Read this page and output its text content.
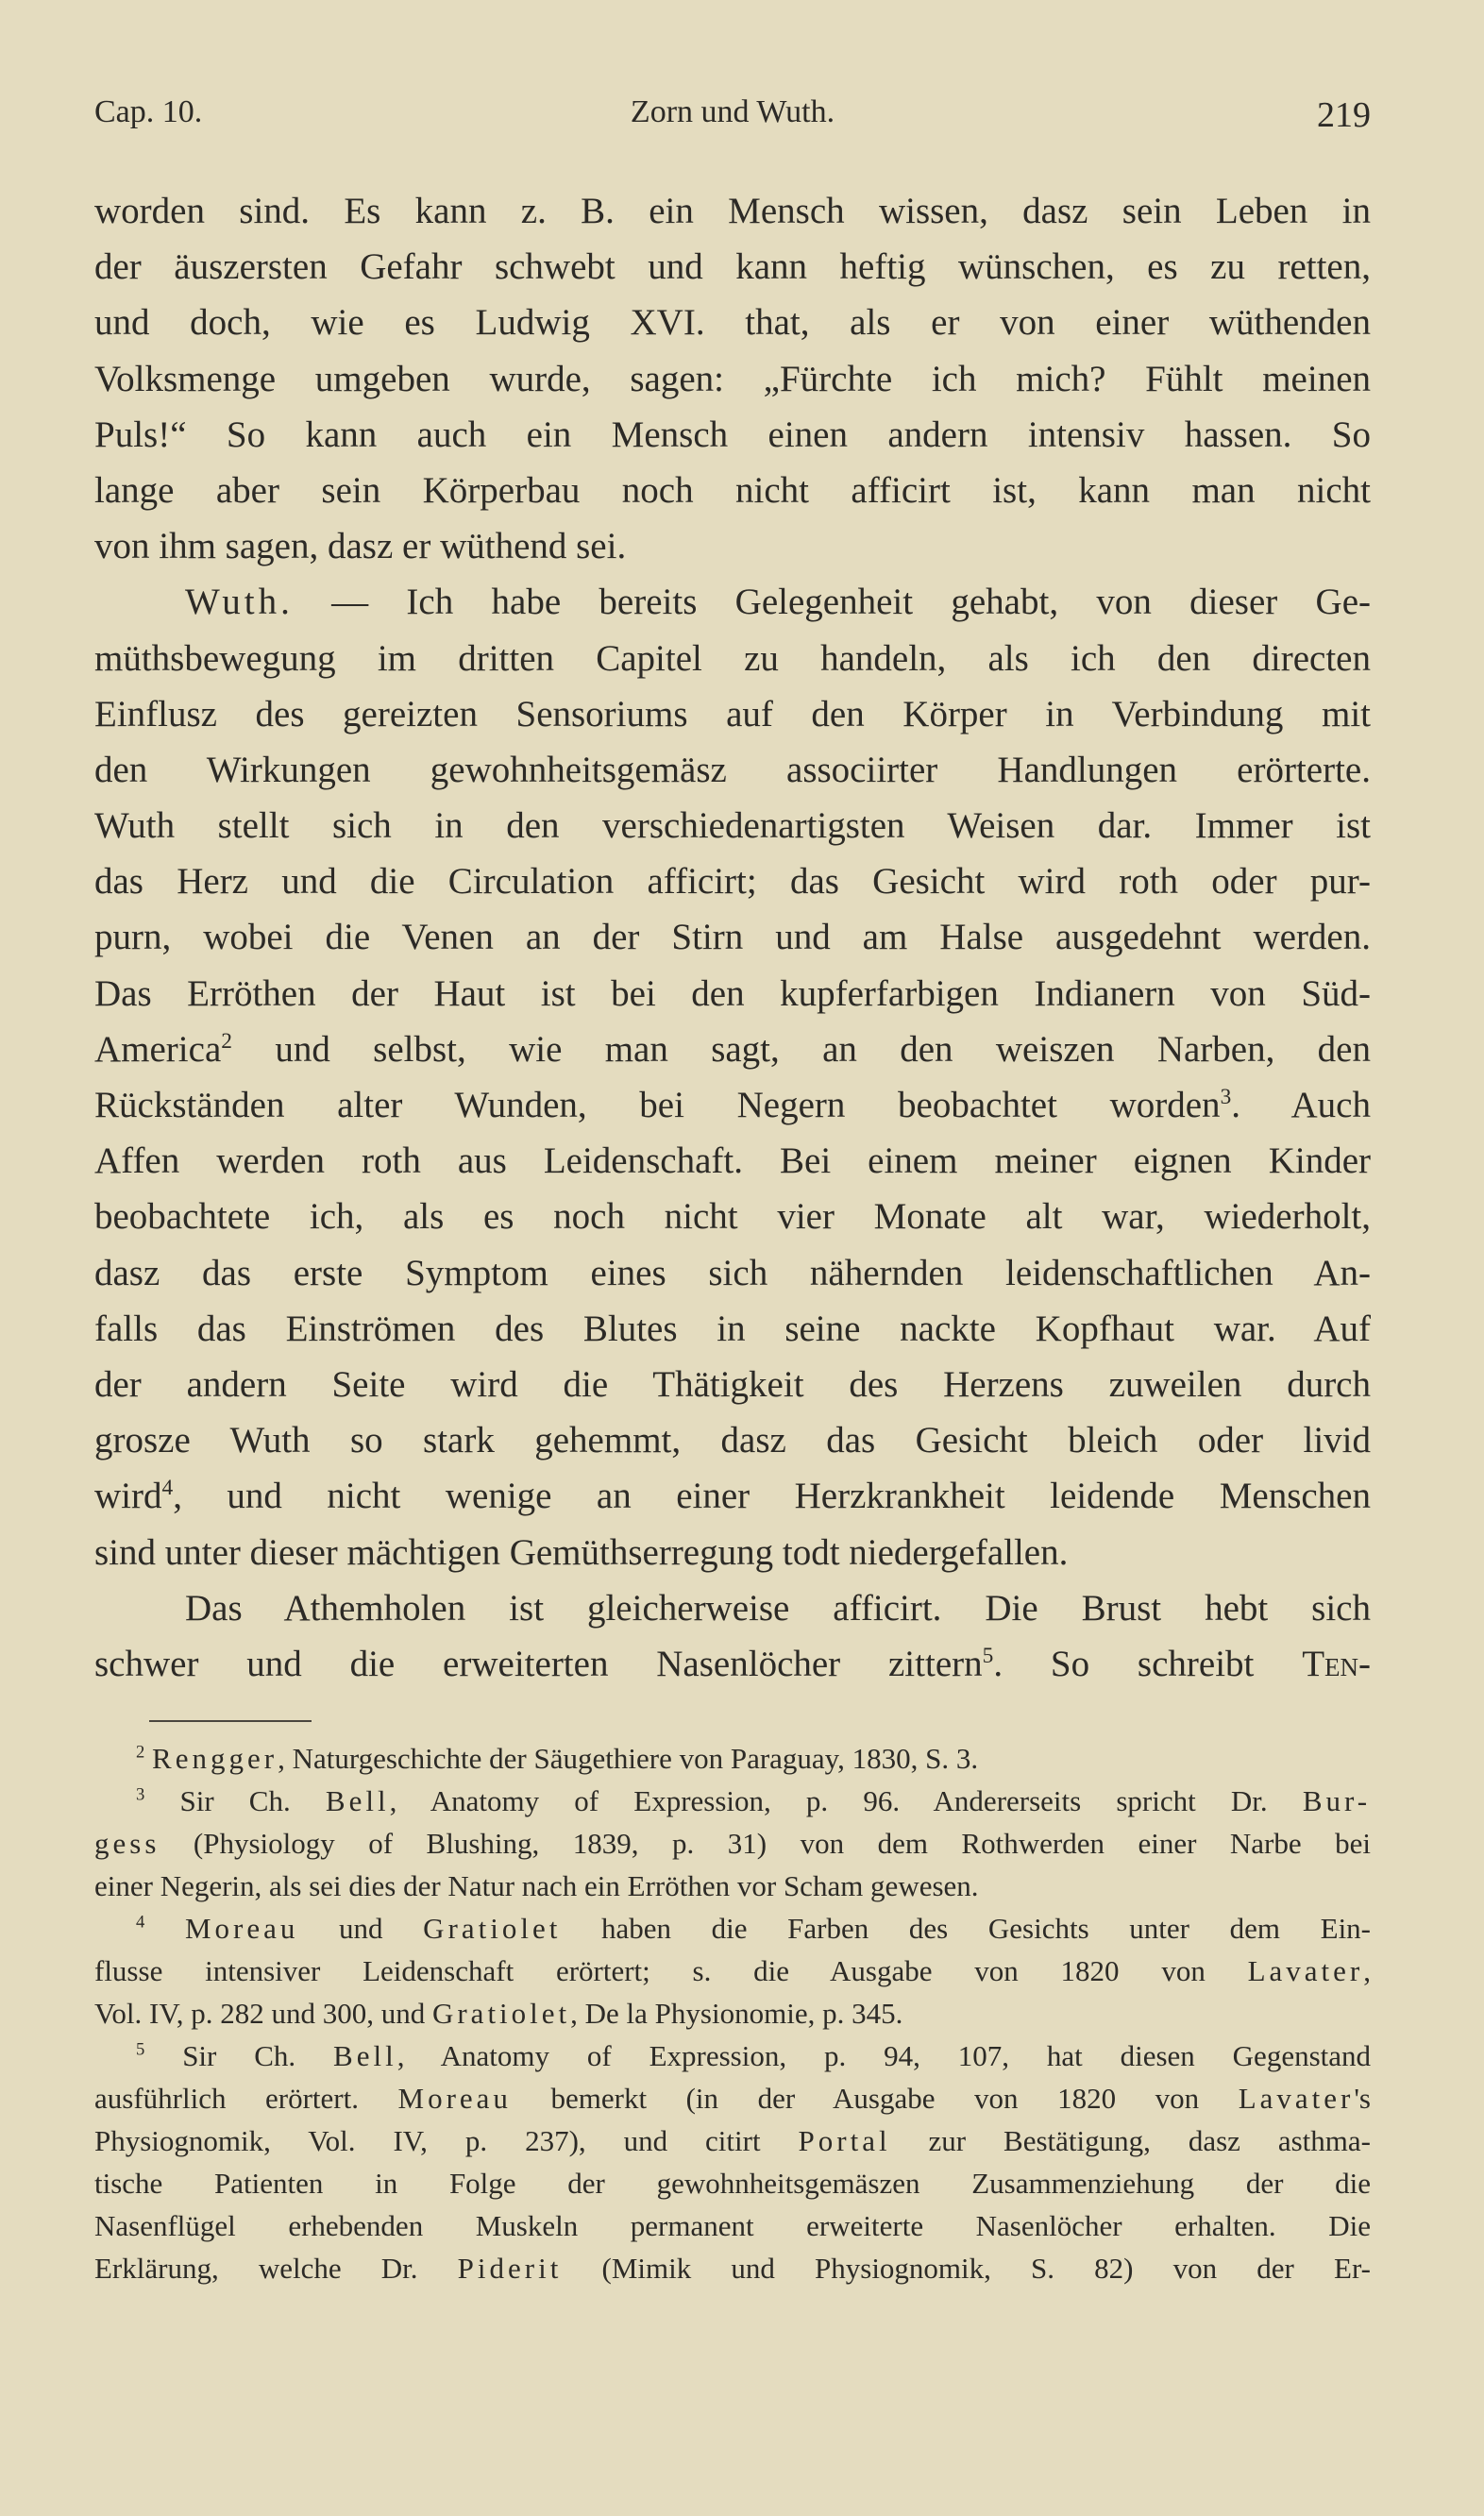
Cap. 10.	Zorn und Wuth.	219
worden sind. Es kann z. B. ein Mensch wissen, dasz sein Leben in
der äuszersten Gefahr schwebt und kann heftig wünschen, es zu retten,
und doch, wie es Ludwig XVI. that, als er von einer wüthenden
Volksmenge umgeben wurde, sagen: „Fürchte ich mich? Fühlt meinen
Puls!“ So kann auch ein Mensch einen andern intensiv hassen. So
lange aber sein Körperbau noch nicht afficirt ist, kann man nicht
von ihm sagen, dasz er wüthend sei.
Wuth. — Ich habe bereits Gelegenheit gehabt, von dieser Ge-
müthsbewegung im dritten Capitel zu handeln, als ich den directen
Einflusz des gereizten Sensoriums auf den Körper in Verbindung mit
den Wirkungen gewohnheitsgemäsz associirter Handlungen erörterte.
Wuth stellt sich in den verschiedenartigsten Weisen dar. Immer ist
das Herz und die Circulation afficirt; das Gesicht wird roth oder pur-
purn, wobei die Venen an der Stirn und am Halse ausgedehnt werden.
Das Erröthen der Haut ist bei den kupferfarbigen Indianern von Süd-
America$^2$ und selbst, wie man sagt, an den weiszen Narben, den
Rückständen alter Wunden, bei Negern beobachtet worden$^3$. Auch
Affen werden roth aus Leidenschaft. Bei einem meiner eignen Kinder
beobachtete ich, als es noch nicht vier Monate alt war, wiederholt,
dasz das erste Symptom eines sich nähernden leidenschaftlichen An-
falls das Einströmen des Blutes in seine nackte Kopfhaut war. Auf
der andern Seite wird die Thätigkeit des Herzens zuweilen durch
grosze Wuth so stark gehemmt, dasz das Gesicht bleich oder livid
wird$^4$, und nicht wenige an einer Herzkrankheit leidende Menschen
sind unter dieser mächtigen Gemüthserregung todt niedergefallen.
Das Athemholen ist gleicherweise afficirt. Die Brust hebt sich
schwer und die erweiterten Nasenlöcher zittern$^5$. So schreibt Ten-
$^2$ Rengger, Naturgeschichte der Säugethiere von Paraguay, 1830, S. 3.
$^3$ Sir Ch. Bell, Anatomy of Expression, p. 96. Andererseits spricht Dr. Bur-
gess (Physiology of Blushing, 1839, p. 31) von dem Rothwerden einer Narbe bei
einer Negerin, als sei dies der Natur nach ein Erröthen vor Scham gewesen.
$^4$ Moreau und Gratiolet haben die Farben des Gesichts unter dem Ein-
flusse intensiver Leidenschaft erörtert; s. die Ausgabe von 1820 von Lavater,
Vol. IV, p. 282 und 300, und Gratiolet, De la Physionomie, p. 345.
$^5$ Sir Ch. Bell, Anatomy of Expression, p. 94, 107, hat diesen Gegenstand
ausführlich erörtert. Moreau bemerkt (in der Ausgabe von 1820 von Lavater's
Physiognomik, Vol. IV, p. 237), und citirt Portal zur Bestätigung, dasz asthma-
tische Patienten in Folge der gewohnheitsgemäszen Zusammenziehung der die
Nasenflügel erhebenden Muskeln permanent erweiterte Nasenlöcher erhalten. Die
Erklärung, welche Dr. Piderit (Mimik und Physiognomik, S. 82) von der Er-
